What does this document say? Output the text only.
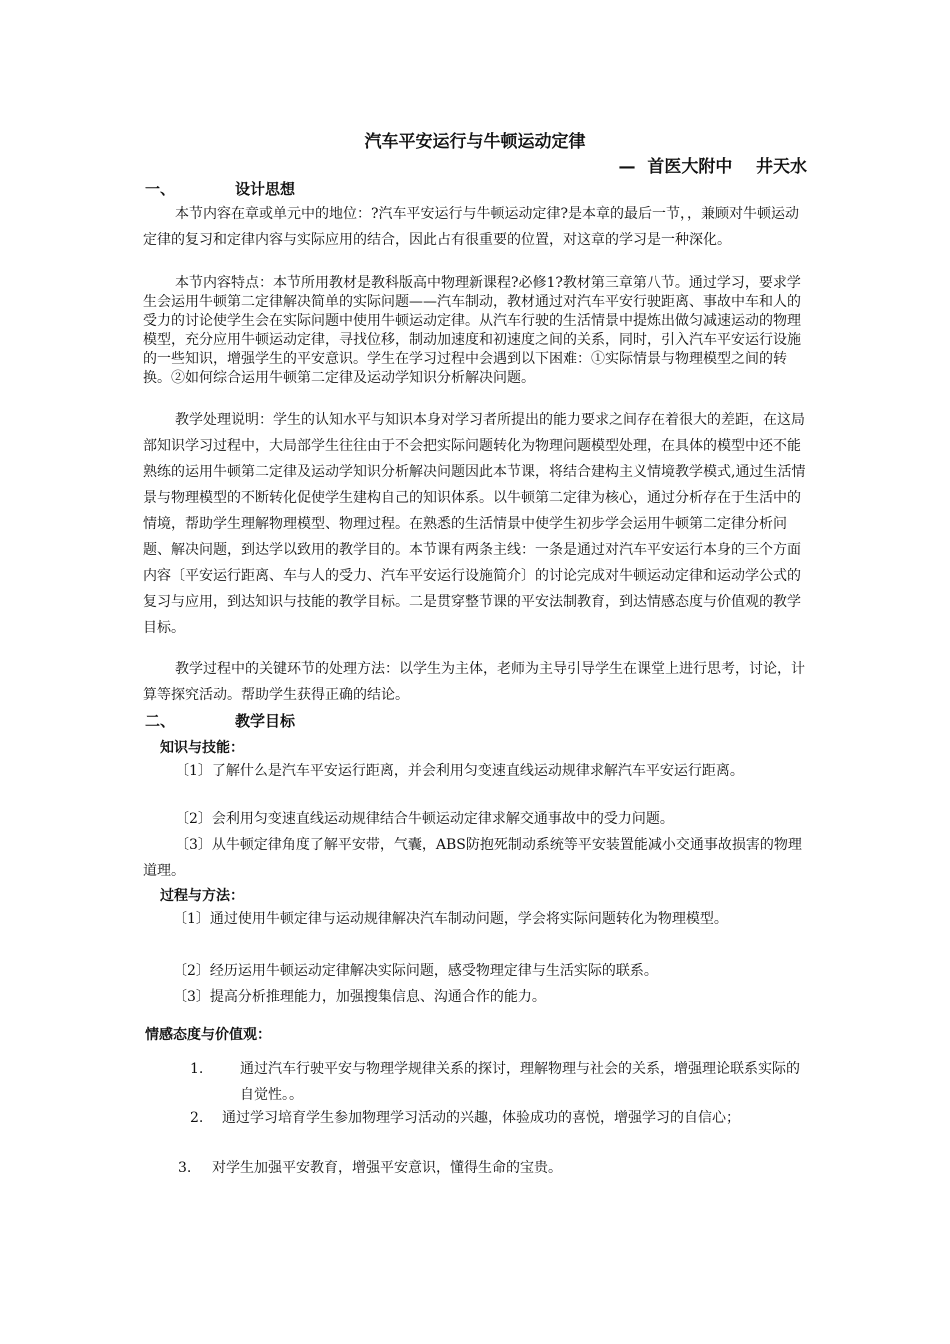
汽车平安运行与牛顿运动定律
—  首医大附中    井天水
一、	设计思想

本节内容在章或单元中的地位：?汽车平安运行与牛顿运动定律?是本章的最后一节，，兼顾对牛顿运动定律的复习和定律内容与实际应用的结合，因此占有很重要的位置，对这章的学习是一种深化。

本节内容特点：本节所用教材是教科版高中物理新课程?必修1?教材第三章第八节。通过学习，要求学生会运用牛顿第二定律解决简单的实际问题——汽车制动，教材通过对汽车平安行驶距离、事故中车和人的受力的讨论使学生会在实际问题中使用牛顿运动定律。从汽车行驶的生活情景中提炼出做匀减速运动的物理模型，充分应用牛顿运动定律，寻找位移，制动加速度和初速度之间的关系，同时，引入汽车平安运行设施的一些知识，增强学生的平安意识。学生在学习过程中会遇到以下困难：①实际情景与物理模型之间的转换。②如何综合运用牛顿第二定律及运动学知识分析解决问题。

教学处理说明：学生的认知水平与知识本身对学习者所提出的能力要求之间存在着很大的差距，在这局部知识学习过程中，大局部学生往往由于不会把实际问题转化为物理问题模型处理，在具体的模型中还不能熟练的运用牛顿第二定律及运动学知识分析解决问题因此本节课，将结合建构主义情境教学模式,通过生活情景与物理模型的不断转化促使学生建构自己的知识体系。以牛顿第二定律为核心，通过分析存在于生活中的情境，帮助学生理解物理模型、物理过程。在熟悉的生活情景中使学生初步学会运用牛顿第二定律分析问题、解决问题，到达学以致用的教学目的。本节课有两条主线：一条是通过对汽车平安运行本身的三个方面内容〔平安运行距离、车与人的受力、汽车平安运行设施简介〕的讨论完成对牛顿运动定律和运动学公式的复习与应用，到达知识与技能的教学目标。二是贯穿整节课的平安法制教育，到达情感态度与价值观的教学目标。

教学过程中的关键环节的处理方法：以学生为主体，老师为主导引导学生在课堂上进行思考，讨论，计算等探究活动。帮助学生获得正确的结论。

二、	教学目标
知识与技能：

〔1〕了解什么是汽车平安运行距离，并会利用匀变速直线运动规律求解汽车平安运行距离。

〔2〕会利用匀变速直线运动规律结合牛顿运动定律求解交通事故中的受力问题。

〔3〕从牛顿定律角度了解平安带，气囊，ABS防抱死制动系统等平安装置能减小交通事故损害的物理道理。

过程与方法：

〔1〕通过使用牛顿定律与运动规律解决汽车制动问题，学会将实际问题转化为物理模型。

〔2〕经历运用牛顿运动定律解决实际问题，感受物理定律与生活实际的联系。

〔3〕提高分析推理能力，加强搜集信息、沟通合作的能力。

情感态度与价值观：
1.	通过汽车行驶平安与物理学规律关系的探讨，理解物理与社会的关系，增强理论联系实际的自觉性。。
2.	通过学习培育学生参加物理学习活动的兴趣，体验成功的喜悦，增强学习的自信心；
3.	对学生加强平安教育，增强平安意识，懂得生命的宝贵。
